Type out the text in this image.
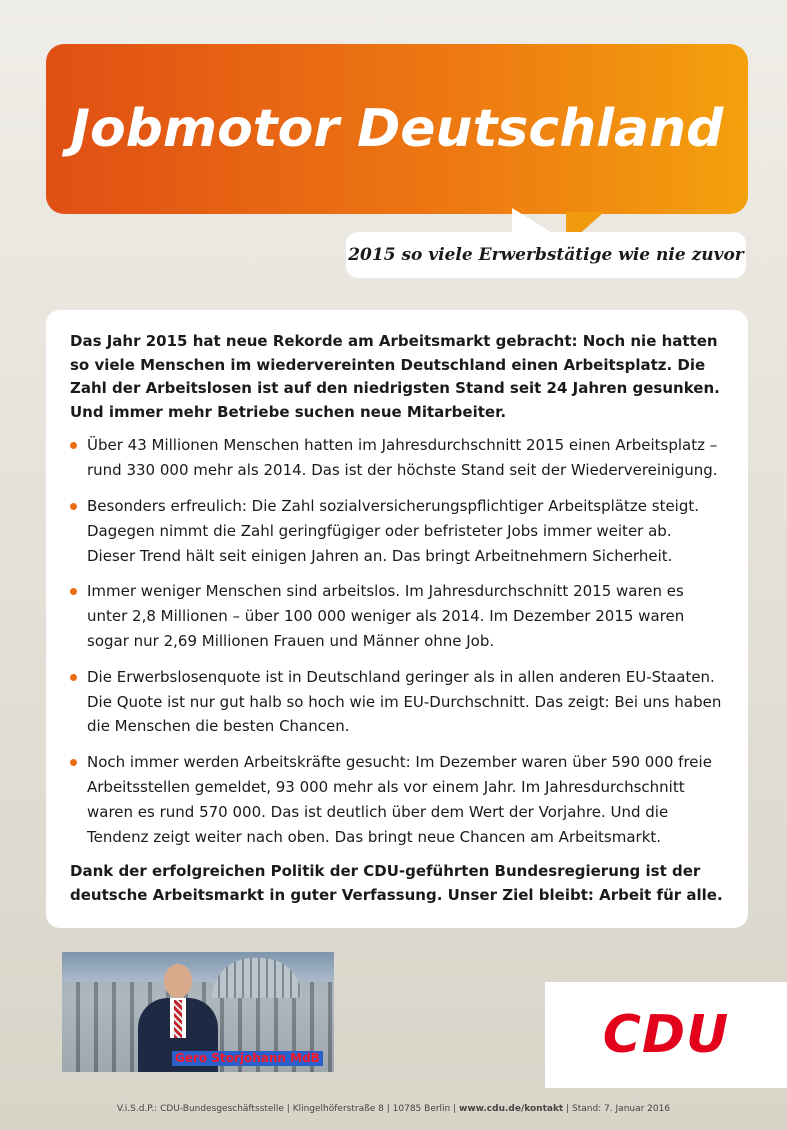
Jobmotor Deutschland

2015 so viele Erwerbstätige wie nie zuvor

Das Jahr 2015 hat neue Rekorde am Arbeitsmarkt gebracht: Noch nie hatten so viele Menschen im wiedervereinten Deutschland einen Arbeitsplatz. Die Zahl der Arbeitslosen ist auf den niedrigsten Stand seit 24 Jahren gesunken. Und immer mehr Betriebe suchen neue Mitarbeiter.

Über 43 Millionen Menschen hatten im Jahresdurchschnitt 2015 einen Arbeitsplatz – rund 330 000 mehr als 2014. Das ist der höchste Stand seit der Wiedervereinigung.
Besonders erfreulich: Die Zahl sozialversicherungspflichtiger Arbeitsplätze steigt. Dagegen nimmt die Zahl geringfügiger oder befristeter Jobs immer weiter ab. Dieser Trend hält seit einigen Jahren an. Das bringt Arbeitnehmern Sicherheit.
Immer weniger Menschen sind arbeitslos. Im Jahresdurchschnitt 2015 waren es unter 2,8 Millionen – über 100 000 weniger als 2014. Im Dezember 2015 waren sogar nur 2,69 Millionen Frauen und Männer ohne Job.
Die Erwerbslosenquote ist in Deutschland geringer als in allen anderen EU-Staaten. Die Quote ist nur gut halb so hoch wie im EU-Durchschnitt. Das zeigt: Bei uns haben die Menschen die besten Chancen.
Noch immer werden Arbeitskräfte gesucht: Im Dezember waren über 590 000 freie Arbeitsstellen gemeldet, 93 000 mehr als vor einem Jahr. Im Jahresdurchschnitt waren es rund 570 000. Das ist deutlich über dem Wert der Vorjahre. Und die Tendenz zeigt weiter nach oben. Das bringt neue Chancen am Arbeitsmarkt.

Dank der erfolgreichen Politik der CDU-geführten Bundesregierung ist der deutsche Arbeitsmarkt in guter Verfassung. Unser Ziel bleibt: Arbeit für alle.

Gero Storjohann MdB	CDU
V.i.S.d.P.: CDU-Bundesgeschäftsstelle | Klingelhöferstraße 8 | 10785 Berlin | www.cdu.de/kontakt | Stand: 7. Januar 2016
